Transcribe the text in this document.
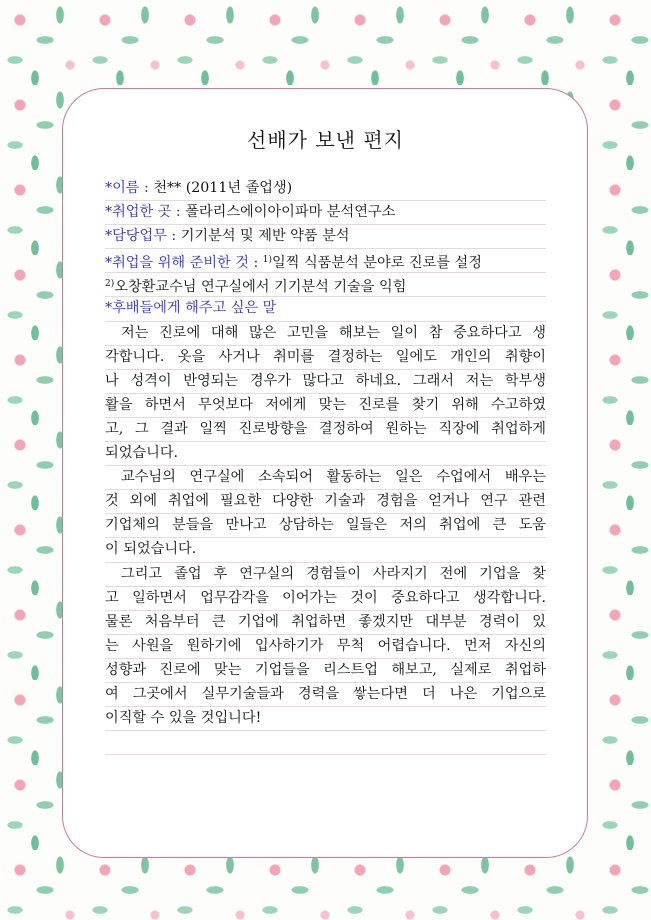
선배가 보낸 편지
*이름 : 천** (2011년 졸업생)
*취업한 곳 : 폴라리스에이아이파마 분석연구소
*담당업무 : 기기분석 및 제반 약품 분석
*취업을 위해 준비한 것 : $^{1)}$일찍 식품분석 분야로 진로를 설정
$^{2)}$오창환교수님 연구실에서 기기분석 기술을 익힘
*후배들에게 해주고 싶은 말
저는 진로에 대해 많은 고민을 해보는 일이 참 중요하다고 생
각합니다. 옷을 사거나 취미를 결정하는 일에도 개인의 취향이
나 성격이 반영되는 경우가 많다고 하네요. 그래서 저는 학부생
활을 하면서 무엇보다 저에게 맞는 진로를 찾기 위해 수고하였
고, 그 결과 일찍 진로방향을 결정하여 원하는 직장에 취업하게
되었습니다.
교수님의 연구실에 소속되어 활동하는 일은 수업에서 배우는
것 외에 취업에 필요한 다양한 기술과 경험을 얻거나 연구 관련
기업체의 분들을 만나고 상담하는 일들은 저의 취업에 큰 도움
이 되었습니다.
그리고 졸업 후 연구실의 경험들이 사라지기 전에 기업을 찾
고 일하면서 업무감각을 이어가는 것이 중요하다고 생각합니다.
물론 처음부터 큰 기업에 취업하면 좋겠지만 대부분 경력이 있
는 사원을 원하기에 입사하기가 무척 어렵습니다. 먼저 자신의
성향과 진로에 맞는 기업들을 리스트업 해보고, 실제로 취업하
여 그곳에서 실무기술들과 경력을 쌓는다면 더 나은 기업으로
이직할 수 있을 것입니다!
